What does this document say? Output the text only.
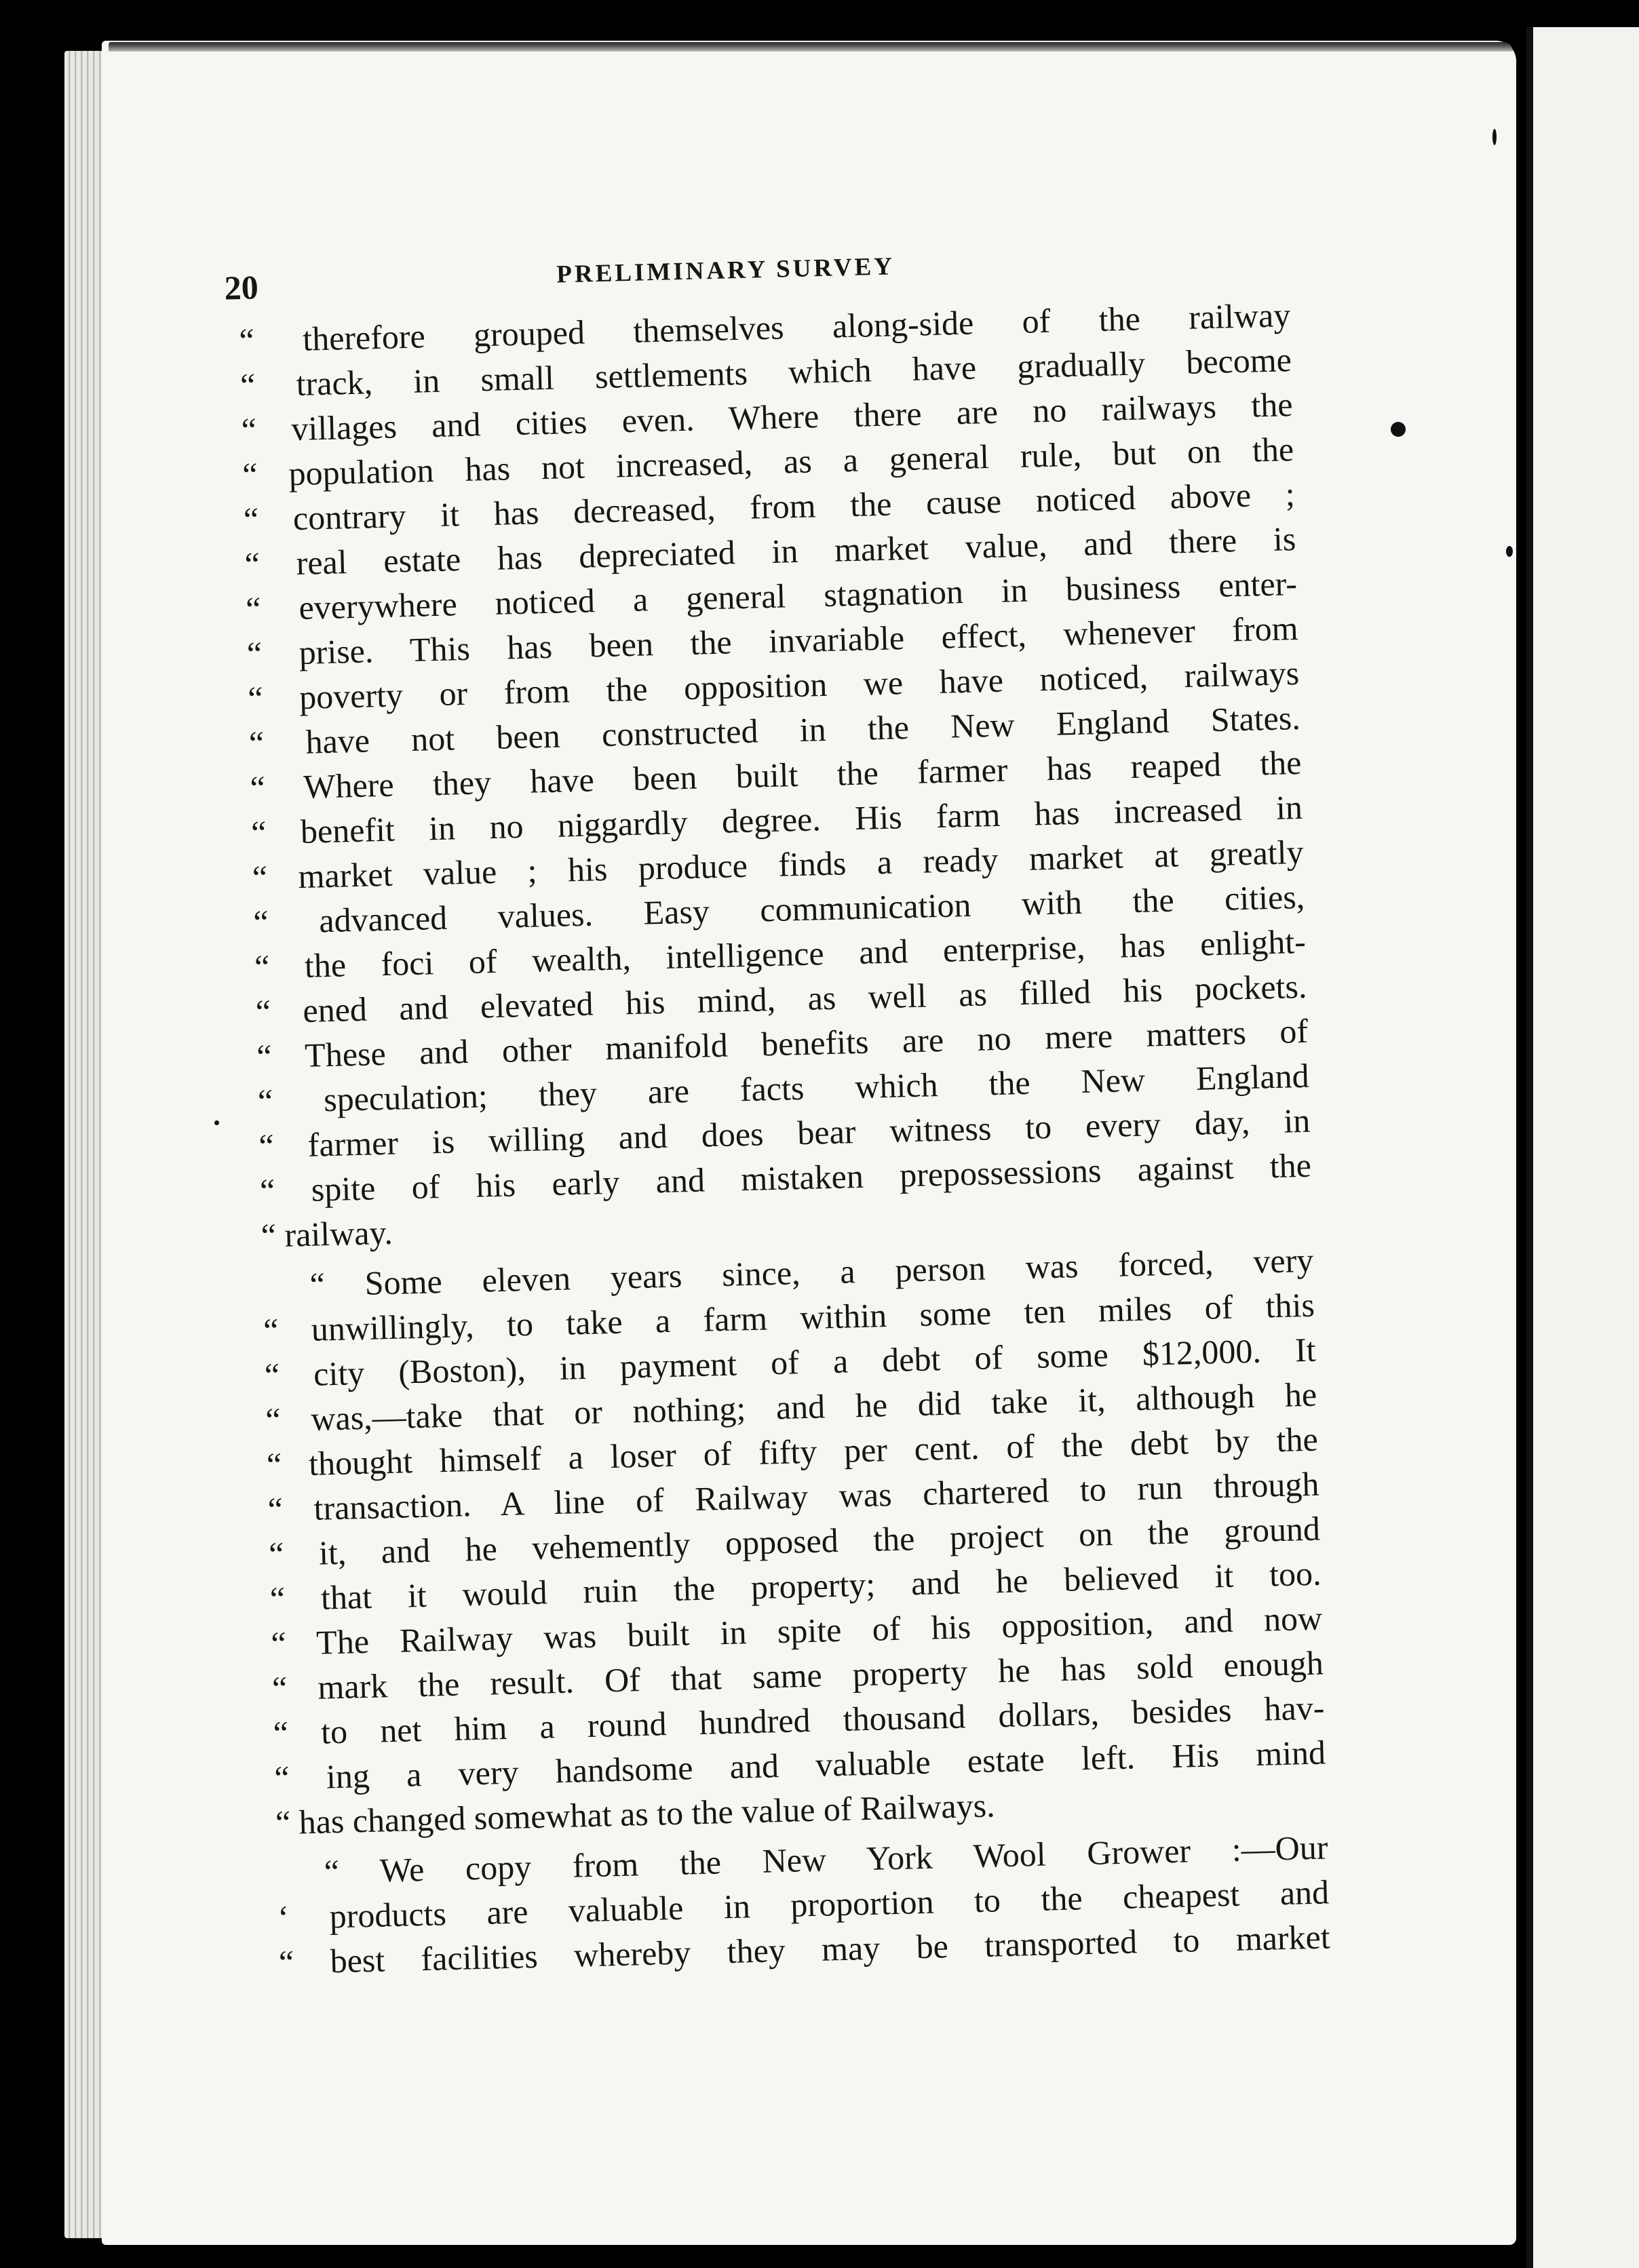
20	PRELIMINARY SURVEY
“ therefore grouped themselves along-side of the railway
“ track, in small settlements which have gradually become
“ villages and cities even. Where there are no railways the
“ population has not increased, as a general rule, but on the
“ contrary it has decreased, from the cause noticed above ;
“ real estate has depreciated in market value, and there is
“ everywhere noticed a general stagnation in business enter-
“ prise. This has been the invariable effect, whenever from
“ poverty or from the opposition we have noticed, railways
“ have not been constructed in the New England States.
“ Where they have been built the farmer has reaped the
“ benefit in no niggardly degree. His farm has increased in
“ market value ; his produce finds a ready market at greatly
“ advanced values. Easy communication with the cities,
“ the foci of wealth, intelligence and enterprise, has enlight-
“ ened and elevated his mind, as well as filled his pockets.
“ These and other manifold benefits are no mere matters of
“ speculation; they are facts which the New England
“ farmer is willing and does bear witness to every day, in
“ spite of his early and mistaken prepossessions against the
“ railway.
“ Some eleven years since, a person was forced, very
“ unwillingly, to take a farm within some ten miles of this
“ city (Boston), in payment of a debt of some $12,000. It
“ was,—take that or nothing; and he did take it, although he
“ thought himself a loser of fifty per cent. of the debt by the
“ transaction. A line of Railway was chartered to run through
“ it, and he vehemently opposed the project on the ground
“ that it would ruin the property; and he believed it too.
“ The Railway was built in spite of his opposition, and now
“ mark the result. Of that same property he has sold enough
“ to net him a round hundred thousand dollars, besides hav-
“ ing a very handsome and valuable estate left. His mind
“ has changed somewhat as to the value of Railways.
“ We copy from the New York Wool Grower :—Our
‘ products are valuable in proportion to the cheapest and
“ best facilities whereby they may be transported to market
